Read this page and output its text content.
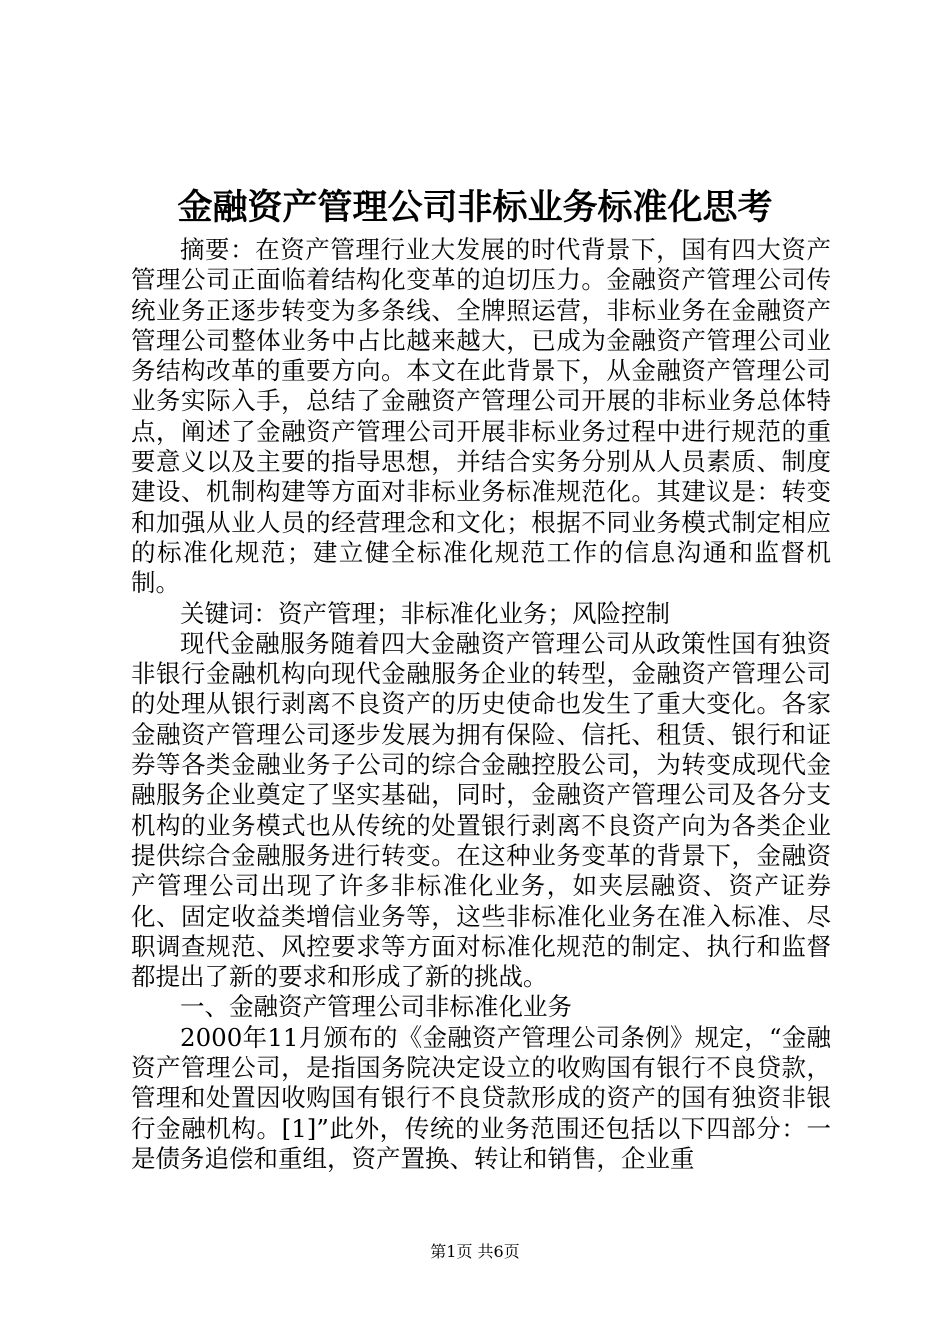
金融资产管理公司非标业务标准化思考

摘要：在资产管理行业大发展的时代背景下，国有四大资产管理公司正面临着结构化变革的迫切压力。金融资产管理公司传统业务正逐步转变为多条线、全牌照运营，非标业务在金融资产管理公司整体业务中占比越来越大，已成为金融资产管理公司业务结构改革的重要方向。本文在此背景下，从金融资产管理公司业务实际入手，总结了金融资产管理公司开展的非标业务总体特点，阐述了金融资产管理公司开展非标业务过程中进行规范的重要意义以及主要的指导思想，并结合实务分别从人员素质、制度建设、机制构建等方面对非标业务标准规范化。其建议是：转变和加强从业人员的经营理念和文化；根据不同业务模式制定相应的标准化规范；建立健全标准化规范工作的信息沟通和监督机制。

关键词：资产管理；非标准化业务；风险控制

现代金融服务随着四大金融资产管理公司从政策性国有独资非银行金融机构向现代金融服务企业的转型，金融资产管理公司的处理从银行剥离不良资产的历史使命也发生了重大变化。各家金融资产管理公司逐步发展为拥有保险、信托、租赁、银行和证券等各类金融业务子公司的综合金融控股公司，为转变成现代金融服务企业奠定了坚实基础，同时，金融资产管理公司及各分支机构的业务模式也从传统的处置银行剥离不良资产向为各类企业提供综合金融服务进行转变。在这种业务变革的背景下，金融资产管理公司出现了许多非标准化业务，如夹层融资、资产证券化、固定收益类增信业务等，这些非标准化业务在准入标准、尽职调查规范、风控要求等方面对标准化规范的制定、执行和监督都提出了新的要求和形成了新的挑战。

一、金融资产管理公司非标准化业务

2000年11月颁布的《金融资产管理公司条例》规定，“金融资产管理公司，是指国务院决定设立的收购国有银行不良贷款，管理和处置因收购国有银行不良贷款形成的资产的国有独资非银行金融机构。[1]”此外，传统的业务范围还包括以下四部分：一是债务追偿和重组，资产置换、转让和销售，企业重

第1页 共6页
